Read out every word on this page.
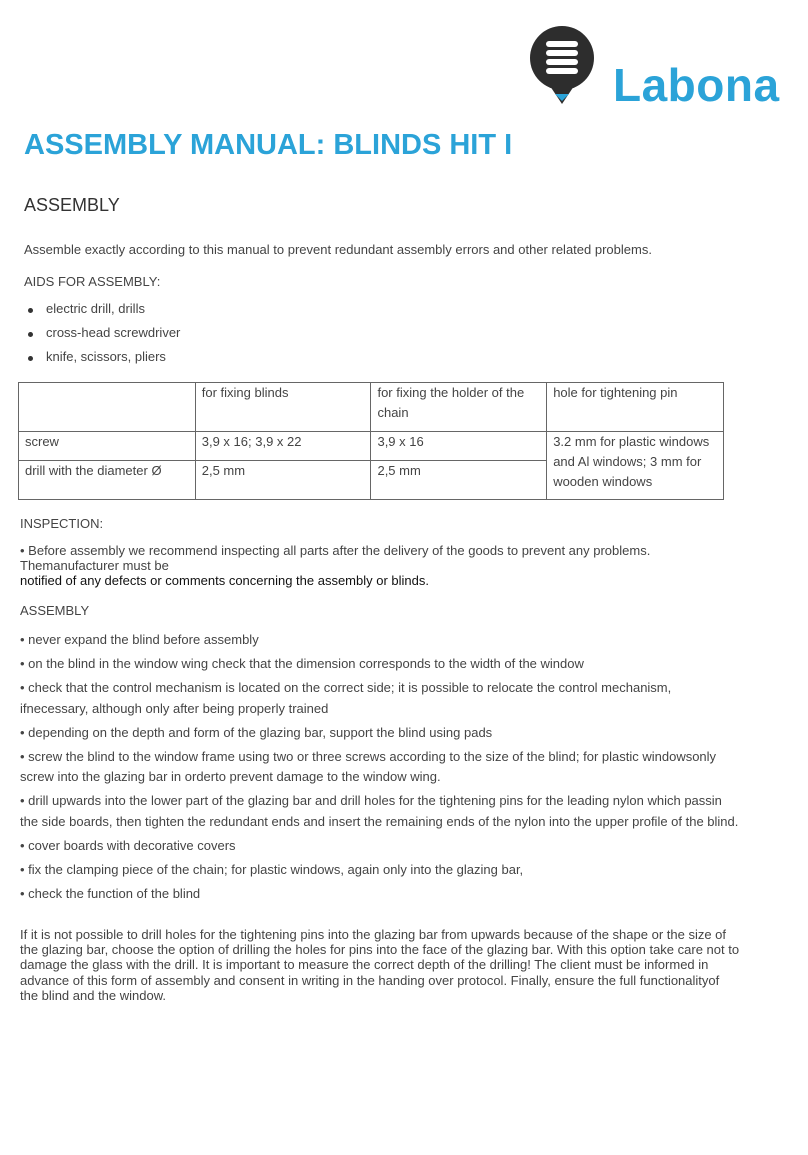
Labona
ASSEMBLY MANUAL: BLINDS HIT I
ASSEMBLY
Assemble exactly according to this manual to prevent redundant assembly errors and other related problems.
AIDS FOR ASSEMBLY:
electric drill, drills
cross-head screwdriver
knife, scissors, pliers
	for fixing blinds	for fixing the holder of the chain	hole for tightening pin
screw	3,9 x 16; 3,9 x 22	3,9 x 16	3.2 mm for plastic windows and Al windows; 3 mm for wooden windows
drill with the diameter Ø	2,5 mm	2,5 mm	
INSPECTION:
• Before assembly we recommend inspecting all parts after the delivery of the goods to prevent any problems.
Themanufacturer must be
notified of any defects or comments concerning the assembly or blinds.
ASSEMBLY
• never expand the blind before assembly
• on the blind in the window wing check that the dimension corresponds to the width of the window
• check that the control mechanism is located on the correct side; it is possible to relocate the control mechanism, ifnecessary, although only after being properly trained
• depending on the depth and form of the glazing bar, support the blind using pads
• screw the blind to the window frame using two or three screws according to the size of the blind; for plastic windowsonly screw into the glazing bar in orderto prevent damage to the window wing.
• drill upwards into the lower part of the glazing bar and drill holes for the tightening pins for the leading nylon which passin the side boards, then tighten the redundant ends and insert the remaining ends of the nylon into the upper profile of the blind.
• cover boards with decorative covers
• fix the clamping piece of the chain; for plastic windows, again only into the glazing bar,
• check the function of the blind

If it is not possible to drill holes for the tightening pins into the glazing bar from upwards because of the shape or the size of the glazing bar, choose the option of drilling the holes for pins into the face of the glazing bar. With this option take care not to damage the glass with the drill. It is important to measure the correct depth of the drilling! The client must be informed in advance of this form of assembly and consent in writing in the handing over protocol. Finally, ensure the full functionalityof the blind and the window.
